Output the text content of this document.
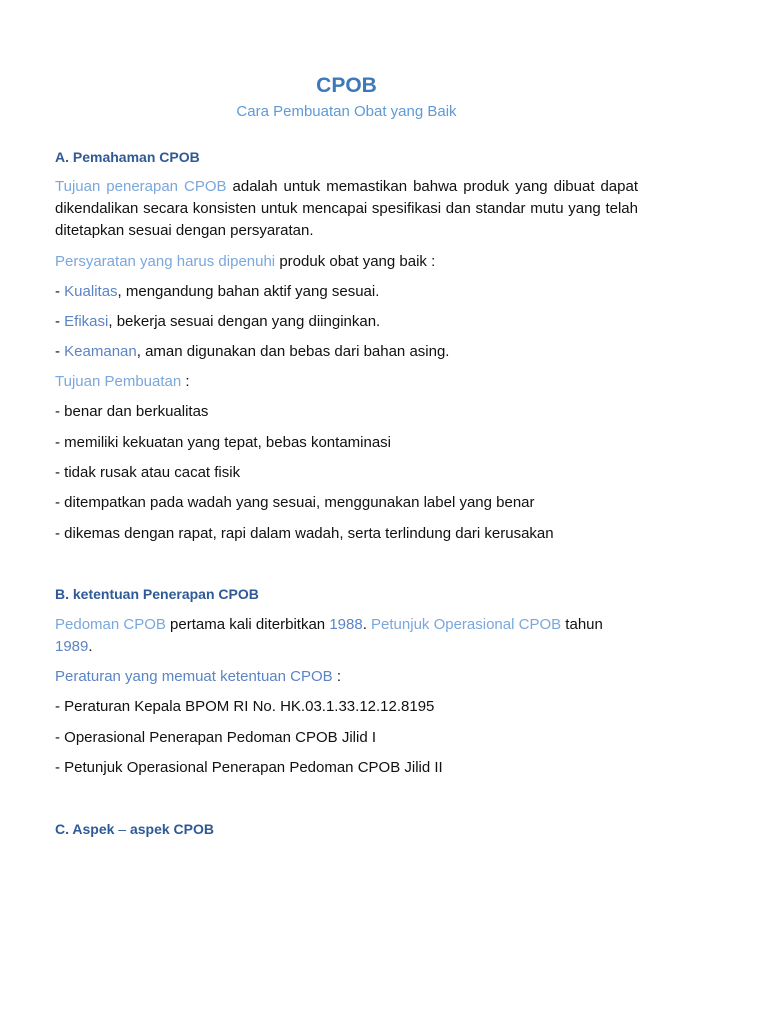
CPOB
Cara Pembuatan Obat yang Baik
A. Pemahaman CPOB

Tujuan penerapan CPOB adalah untuk memastikan bahwa produk yang dibuat dapat dikendalikan secara konsisten untuk mencapai spesifikasi dan standar mutu yang telah ditetapkan sesuai dengan persyaratan.

Persyaratan yang harus dipenuhi produk obat yang baik :

- Kualitas, mengandung bahan aktif yang sesuai.

- Efikasi, bekerja sesuai dengan yang diinginkan.

- Keamanan, aman digunakan dan bebas dari bahan asing.

Tujuan Pembuatan :

- benar dan berkualitas

- memiliki kekuatan yang tepat, bebas kontaminasi

- tidak rusak atau cacat fisik

- ditempatkan pada wadah yang sesuai, menggunakan label yang benar

- dikemas dengan rapat, rapi dalam wadah, serta terlindung dari kerusakan

B. ketentuan Penerapan CPOB

Pedoman CPOB pertama kali diterbitkan 1988. Petunjuk Operasional CPOB tahun 1989.

Peraturan yang memuat ketentuan CPOB :

- Peraturan Kepala BPOM RI No. HK.03.1.33.12.12.8195

- Operasional Penerapan Pedoman CPOB Jilid I

- Petunjuk Operasional Penerapan Pedoman CPOB Jilid II

C. Aspek – aspek CPOB
